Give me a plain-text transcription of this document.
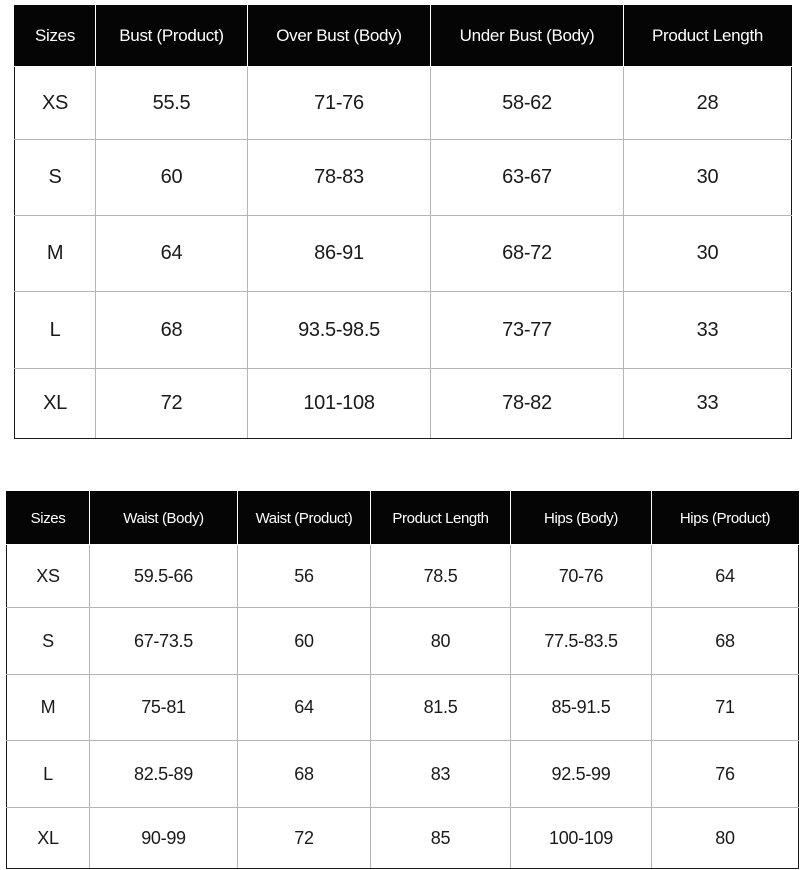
Sizes	Bust (Product)	Over Bust (Body)	Under Bust (Body)	Product Length
XS	55.5	71-76	58-62	28
S	60	78-83	63-67	30
M	64	86-91	68-72	30
L	68	93.5-98.5	73-77	33
XL	72	101-108	78-82	33
Sizes	Waist (Body)	Waist (Product)	Product Length	Hips (Body)	Hips (Product)
XS	59.5-66	56	78.5	70-76	64
S	67-73.5	60	80	77.5-83.5	68
M	75-81	64	81.5	85-91.5	71
L	82.5-89	68	83	92.5-99	76
XL	90-99	72	85	100-109	80
